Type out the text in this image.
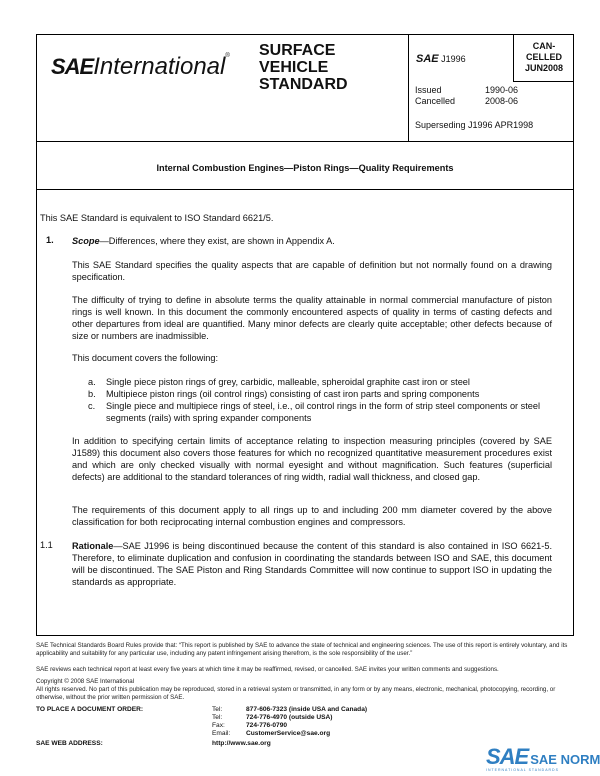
SAEInternational® SURFACE
VEHICLE
STANDARD
SAE J1996
CAN-
CELLED
JUN2008
Issued	1990-06
Cancelled	2008-06
Superseding J1996 APR1998
Internal Combustion Engines—Piston Rings—Quality Requirements
This SAE Standard is equivalent to ISO Standard 6621/5.
1. Scope—Differences, where they exist, are shown in Appendix A.
This SAE Standard specifies the quality aspects that are capable of definition but not normally found on a drawing specification.
The difficulty of trying to define in absolute terms the quality attainable in normal commercial manufacture of piston rings is well known. In this document the commonly encountered aspects of quality in terms of casting defects and other departures from ideal are quantified. Many minor defects are clearly quite acceptable; other defects because of size or numbers are inadmissible.
This document covers the following:
a. Single piece piston rings of grey, carbidic, malleable, spheroidal graphite cast iron or steel
b. Multipiece piston rings (oil control rings) consisting of cast iron parts and spring components
c. Single piece and multipiece rings of steel, i.e., oil control rings in the form of strip steel components or steel segments (rails) with spring expander components
In addition to specifying certain limits of acceptance relating to inspection measuring principles (covered by SAE J1589) this document also covers those features for which no recognized quantitative measurement procedures exist and which are only checked visually with normal eyesight and without magnification. Such features (superficial defects) are additional to the standard tolerances of ring width, radial wall thickness, and closed gap.
The requirements of this document apply to all rings up to and including 200 mm diameter covered by the above classification for both reciprocating internal combustion engines and compressors.
1.1 Rationale—SAE J1996 is being discontinued because the content of this standard is also contained in ISO 6621-5. Therefore, to eliminate duplication and confusion in coordinating the standards between ISO and SAE, this document will be discontinued. The SAE Piston and Ring Standards Committee will now continue to support ISO in updating the standards as appropriate.
SAE Technical Standards Board Rules provide that: “This report is published by SAE to advance the state of technical and engineering sciences. The use of this report is entirely voluntary, and its applicability and suitability for any particular use, including any patent infringement arising therefrom, is the sole responsibility of the user.”
SAE reviews each technical report at least every five years at which time it may be reaffirmed, revised, or cancelled. SAE invites your written comments and suggestions.
Copyright © 2008 SAE International
All rights reserved. No part of this publication may be reproduced, stored in a retrieval system or transmitted, in any form or by any means, electronic, mechanical, photocopying, recording, or otherwise, without the prior written permission of SAE.
TO PLACE A DOCUMENT ORDER:	Tel:	877-606-7323 (inside USA and Canada)
Tel:	724-776-4970 (outside USA)
Fax:	724-776-0790
Email: CustomerService@sae.org
SAE WEB ADDRESS:	http://www.sae.org
SAE SAE NORM
INTERNATIONAL STANDARDS
